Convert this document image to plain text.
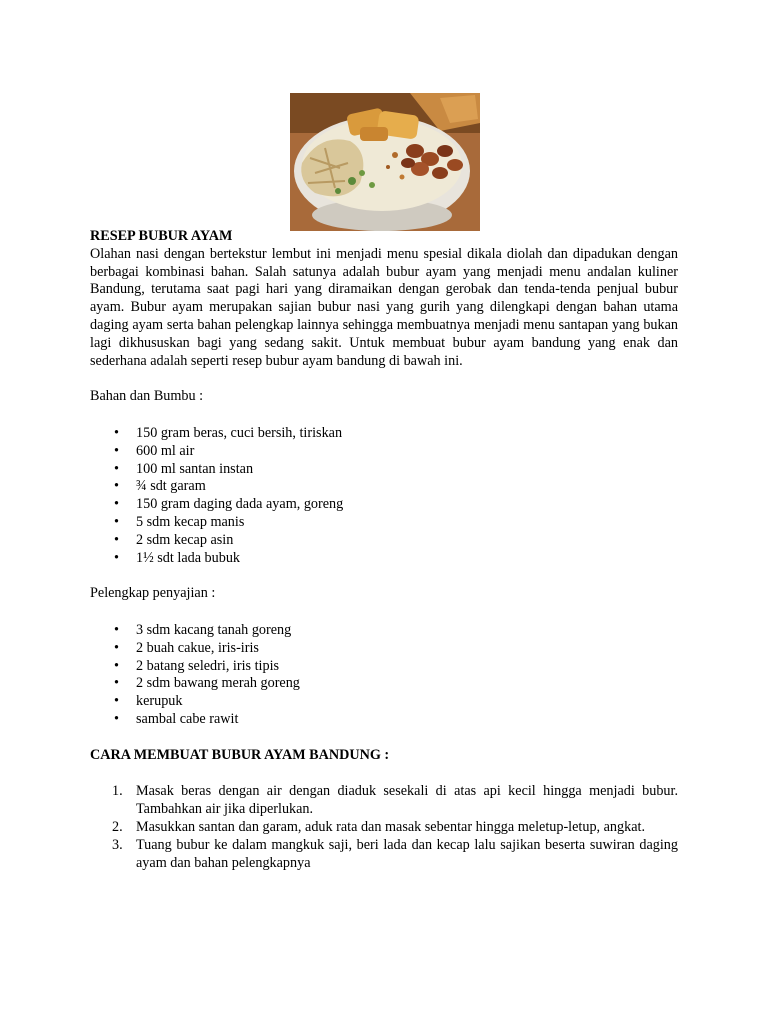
RESEP BUBUR AYAM

Olahan nasi dengan bertekstur lembut ini menjadi menu spesial dikala diolah dan dipadukan dengan berbagai kombinasi bahan. Salah satunya adalah bubur ayam yang menjadi menu andalan kuliner Bandung, terutama saat pagi hari yang diramaikan dengan gerobak dan tenda-tenda penjual bubur ayam. Bubur ayam merupakan sajian bubur nasi yang gurih yang dilengkapi dengan bahan utama daging ayam serta bahan pelengkap lainnya sehingga membuatnya menjadi menu santapan yang bukan lagi dikhususkan bagi yang sedang sakit. Untuk membuat bubur ayam bandung yang enak dan sederhana adalah seperti resep bubur ayam bandung di bawah ini.

Bahan dan Bumbu :

• 150 gram beras, cuci bersih, tiriskan
• 600 ml air
• 100 ml santan instan
• ¾ sdt garam
• 150 gram daging dada ayam, goreng
• 5 sdm kecap manis
• 2 sdm kecap asin
• 1½ sdt lada bubuk

Pelengkap penyajian :

• 3 sdm kacang tanah goreng
• 2 buah cakue, iris-iris
• 2 batang seledri, iris tipis
• 2 sdm bawang merah goreng
• kerupuk
• sambal cabe rawit

CARA MEMBUAT BUBUR AYAM BANDUNG :

1. Masak beras dengan air dengan diaduk sesekali di atas api kecil hingga menjadi bubur. Tambahkan air jika diperlukan.
2. Masukkan santan dan garam, aduk rata dan masak sebentar hingga meletup-letup, angkat.
3. Tuang bubur ke dalam mangkuk saji, beri lada dan kecap lalu sajikan beserta suwiran daging ayam dan bahan pelengkapnya
